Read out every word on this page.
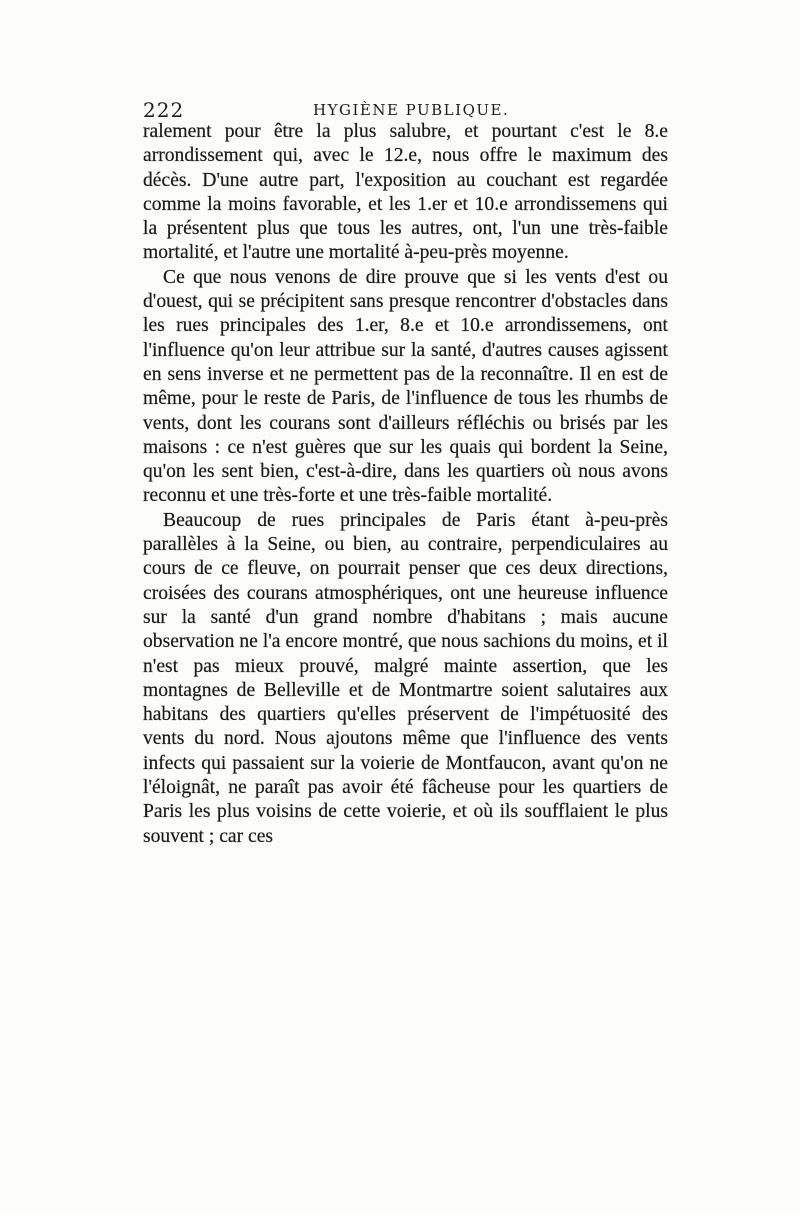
222	HYGIÈNE PUBLIQUE.

ralement pour être la plus salubre, et pourtant c'est le 8.e arrondissement qui, avec le 12.e, nous offre le maximum des décès. D'une autre part, l'exposition au couchant est regardée comme la moins favorable, et les 1.er et 10.e arrondissemens qui la présentent plus que tous les autres, ont, l'un une très-faible mortalité, et l'autre une mortalité à-peu-près moyenne.

Ce que nous venons de dire prouve que si les vents d'est ou d'ouest, qui se précipitent sans presque rencontrer d'obstacles dans les rues principales des 1.er, 8.e et 10.e arrondissemens, ont l'influence qu'on leur attribue sur la santé, d'autres causes agissent en sens inverse et ne permettent pas de la reconnaître. Il en est de même, pour le reste de Paris, de l'influence de tous les rhumbs de vents, dont les courans sont d'ailleurs réfléchis ou brisés par les maisons : ce n'est guères que sur les quais qui bordent la Seine, qu'on les sent bien, c'est-à-dire, dans les quartiers où nous avons reconnu et une très-forte et une très-faible mortalité.

Beaucoup de rues principales de Paris étant à-peu-près parallèles à la Seine, ou bien, au contraire, perpendiculaires au cours de ce fleuve, on pourrait penser que ces deux directions, croisées des courans atmosphériques, ont une heureuse influence sur la santé d'un grand nombre d'habitans ; mais aucune observation ne l'a encore montré, que nous sachions du moins, et il n'est pas mieux prouvé, malgré mainte assertion, que les montagnes de Belleville et de Montmartre soient salutaires aux habitans des quartiers qu'elles préservent de l'impétuosité des vents du nord. Nous ajoutons même que l'influence des vents infects qui passaient sur la voierie de Montfaucon, avant qu'on ne l'éloignât, ne paraît pas avoir été fâcheuse pour les quartiers de Paris les plus voisins de cette voierie, et où ils soufflaient le plus souvent ; car ces
